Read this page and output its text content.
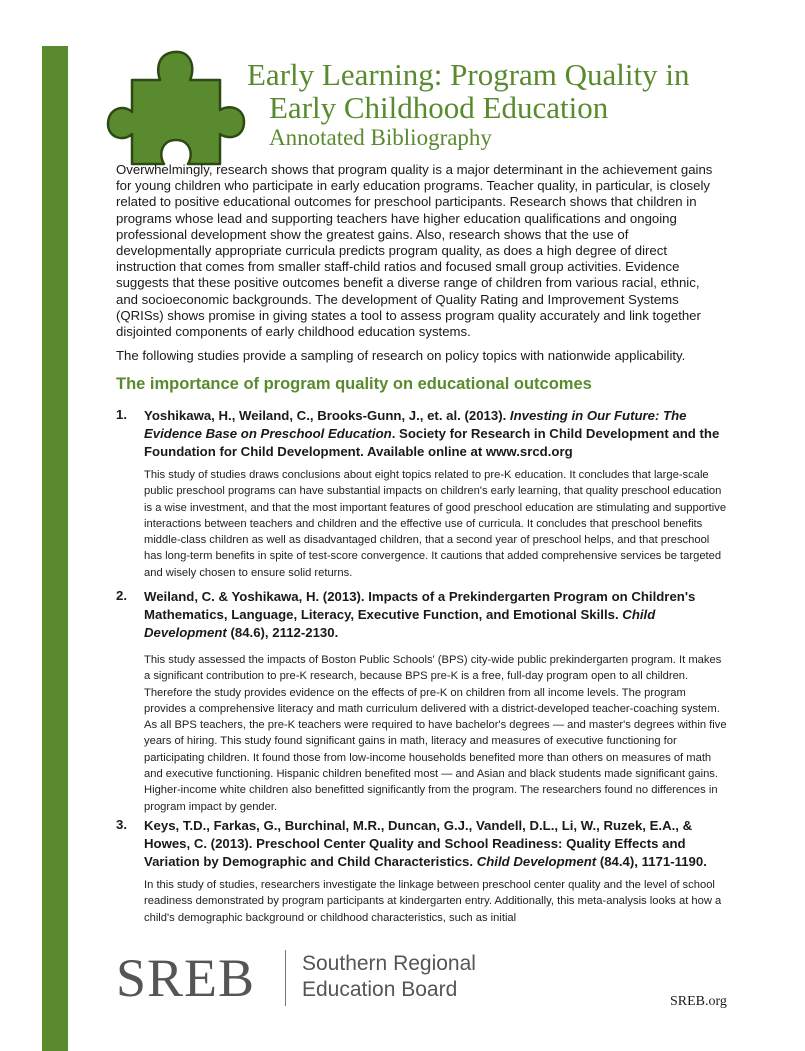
Early Learning: Program Quality in
Early Childhood Education
Annotated Bibliography

Overwhelmingly, research shows that program quality is a major determinant in the achievement gains for young children who participate in early education programs. Teacher quality, in particular, is closely related to positive educational outcomes for preschool participants. Research shows that children in programs whose lead and supporting teachers have higher education qualifications and ongoing professional development show the greatest gains. Also, research shows that the use of developmentally appropriate curricula predicts program quality, as does a high degree of direct instruction that comes from smaller staff-child ratios and focused small group activities. Evidence suggests that these positive outcomes benefit a diverse range of children from various racial, ethnic, and socioeconomic backgrounds. The development of Quality Rating and Improvement Systems (QRISs) shows promise in giving states a tool to assess program quality accurately and link together disjointed components of early childhood education systems.

The following studies provide a sampling of research on policy topics with nationwide applicability.

The importance of program quality on educational outcomes
1. Yoshikawa, H., Weiland, C., Brooks-Gunn, J., et. al. (2013). Investing in Our Future: The Evidence Base on Preschool Education. Society for Research in Child Development and the Foundation for Child Development. Available online at www.srcd.org
This study of studies draws conclusions about eight topics related to pre-K education. It concludes that large-scale public preschool programs can have substantial impacts on children's early learning, that quality preschool education is a wise investment, and that the most important features of good preschool education are stimulating and supportive interactions between teachers and children and the effective use of curricula. It concludes that preschool benefits middle-class children as well as disadvantaged children, that a second year of preschool helps, and that preschool has long-term benefits in spite of test-score convergence. It cautions that added comprehensive services be targeted and wisely chosen to ensure solid returns.
2. Weiland, C. & Yoshikawa, H. (2013). Impacts of a Prekindergarten Program on Children's Mathematics, Language, Literacy, Executive Function, and Emotional Skills. Child Development (84.6), 2112-2130.
This study assessed the impacts of Boston Public Schools' (BPS) city-wide public prekindergarten program. It makes a significant contribution to pre-K research, because BPS pre-K is a free, full-day program open to all children. Therefore the study provides evidence on the effects of pre-K on children from all income levels. The program provides a comprehensive literacy and math curriculum delivered with a district-developed teacher-coaching system. As all BPS teachers, the pre-K teachers were required to have bachelor's degrees — and master's degrees within five years of hiring. This study found significant gains in math, literacy and measures of executive functioning for participating children. It found those from low-income households benefited more than others on measures of math and executive functioning. Hispanic children benefited most — and Asian and black students made significant gains. Higher-income white children also benefitted significantly from the program. The researchers found no differences in program impact by gender.
3. Keys, T.D., Farkas, G., Burchinal, M.R., Duncan, G.J., Vandell, D.L., Li, W., Ruzek, E.A., & Howes, C. (2013). Preschool Center Quality and School Readiness: Quality Effects and Variation by Demographic and Child Characteristics. Child Development (84.4), 1171-1190.
In this study of studies, researchers investigate the linkage between preschool center quality and the level of school readiness demonstrated by program participants at kindergarten entry. Additionally, this meta-analysis looks at how a child's demographic background or childhood characteristics, such as initial
SREB Southern Regional
Education Board
SREB.org
